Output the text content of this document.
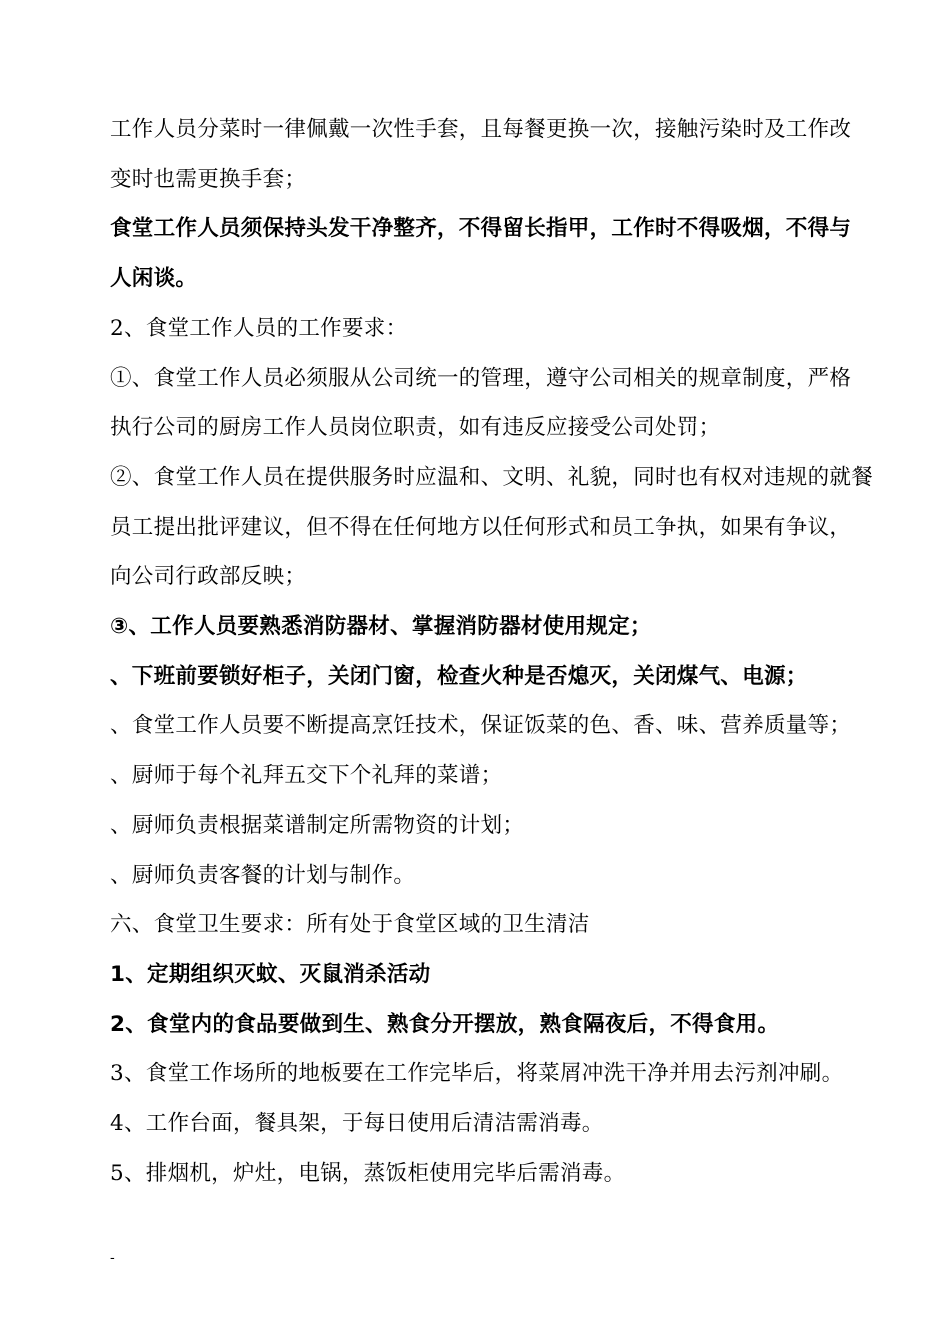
工作人员分菜时一律佩戴一次性手套，且每餐更换一次，接触污染时及工作改
变时也需更换手套；
食堂工作人员须保持头发干净整齐，不得留长指甲，工作时不得吸烟，不得与
人闲谈。
2、食堂工作人员的工作要求：
①、食堂工作人员必须服从公司统一的管理，遵守公司相关的规章制度，严格
执行公司的厨房工作人员岗位职责，如有违反应接受公司处罚；
②、食堂工作人员在提供服务时应温和、文明、礼貌，同时也有权对违规的就餐
员工提出批评建议，但不得在任何地方以任何形式和员工争执，如果有争议，
向公司行政部反映；
③、工作人员要熟悉消防器材、掌握消防器材使用规定；
、下班前要锁好柜子，关闭门窗，检查火种是否熄灭，关闭煤气、电源；
、食堂工作人员要不断提高烹饪技术，保证饭菜的色、香、味、营养质量等；
、厨师于每个礼拜五交下个礼拜的菜谱；
、厨师负责根据菜谱制定所需物资的计划；
、厨师负责客餐的计划与制作。
六、食堂卫生要求：所有处于食堂区域的卫生清洁
1、定期组织灭蚊、灭鼠消杀活动
2、食堂内的食品要做到生、熟食分开摆放，熟食隔夜后，不得食用。
3、食堂工作场所的地板要在工作完毕后，将菜屑冲洗干净并用去污剂冲刷。
4、工作台面，餐具架，于每日使用后清洁需消毒。
5、排烟机，炉灶，电锅，蒸饭柜使用完毕后需消毒。
-
